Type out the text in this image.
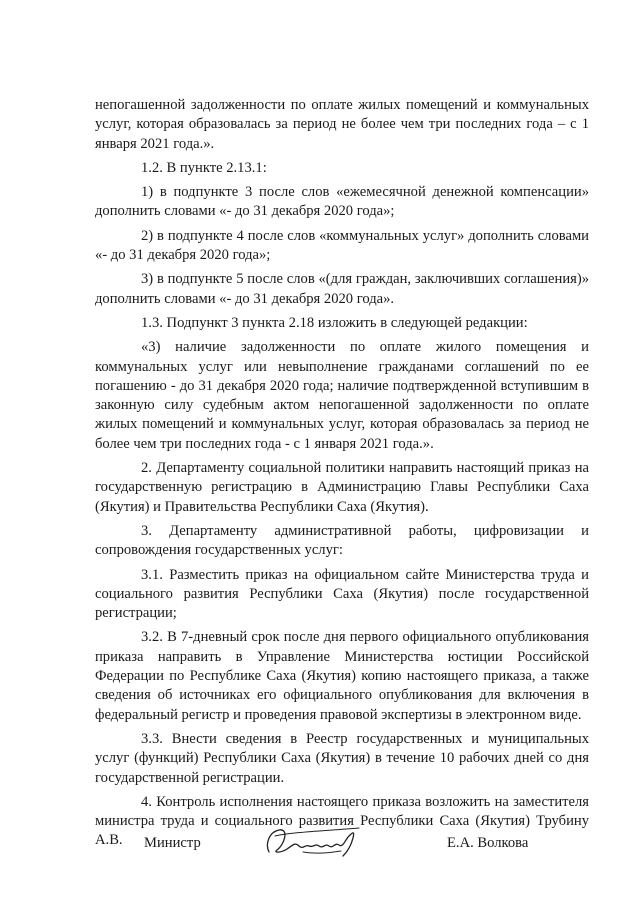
непогашенной задолженности по оплате жилых помещений и коммунальных услуг, которая образовалась за период не более чем три последних года – с 1 января 2021 года.».

1.2. В пункте 2.13.1:

1) в подпункте 3 после слов «ежемесячной денежной компенсации» дополнить словами «- до 31 декабря 2020 года»;

2) в подпункте 4 после слов «коммунальных услуг» дополнить словами «- до 31 декабря 2020 года»;

3) в подпункте 5 после слов «(для граждан, заключивших соглашения)» дополнить словами «- до 31 декабря 2020 года».

1.3. Подпункт 3 пункта 2.18 изложить в следующей редакции:

«3) наличие задолженности по оплате жилого помещения и коммунальных услуг или невыполнение гражданами соглашений по ее погашению - до 31 декабря 2020 года; наличие подтвержденной вступившим в законную силу судебным актом непогашенной задолженности по оплате жилых помещений и коммунальных услуг, которая образовалась за период не более чем три последних года - с 1 января 2021 года.».

2. Департаменту социальной политики направить настоящий приказ на государственную регистрацию в Администрацию Главы Республики Саха (Якутия) и Правительства Республики Саха (Якутия).

3. Департаменту административной работы, цифровизации и сопровождения государственных услуг:

3.1. Разместить приказ на официальном сайте Министерства труда и социального развития Республики Саха (Якутия) после государственной регистрации;

3.2. В 7-дневный срок после дня первого официального опубликования приказа направить в Управление Министерства юстиции Российской Федерации по Республике Саха (Якутия) копию настоящего приказа, а также сведения об источниках его официального опубликования для включения в федеральный регистр и проведения правовой экспертизы в электронном виде.

3.3. Внести сведения в Реестр государственных и муниципальных услуг (функций) Республики Саха (Якутия) в течение 10 рабочих дней со дня государственной регистрации.

4. Контроль исполнения настоящего приказа возложить на заместителя министра труда и социального развития Республики Саха (Якутия) Трубину А.В.	Министр	Е.А. Волкова
